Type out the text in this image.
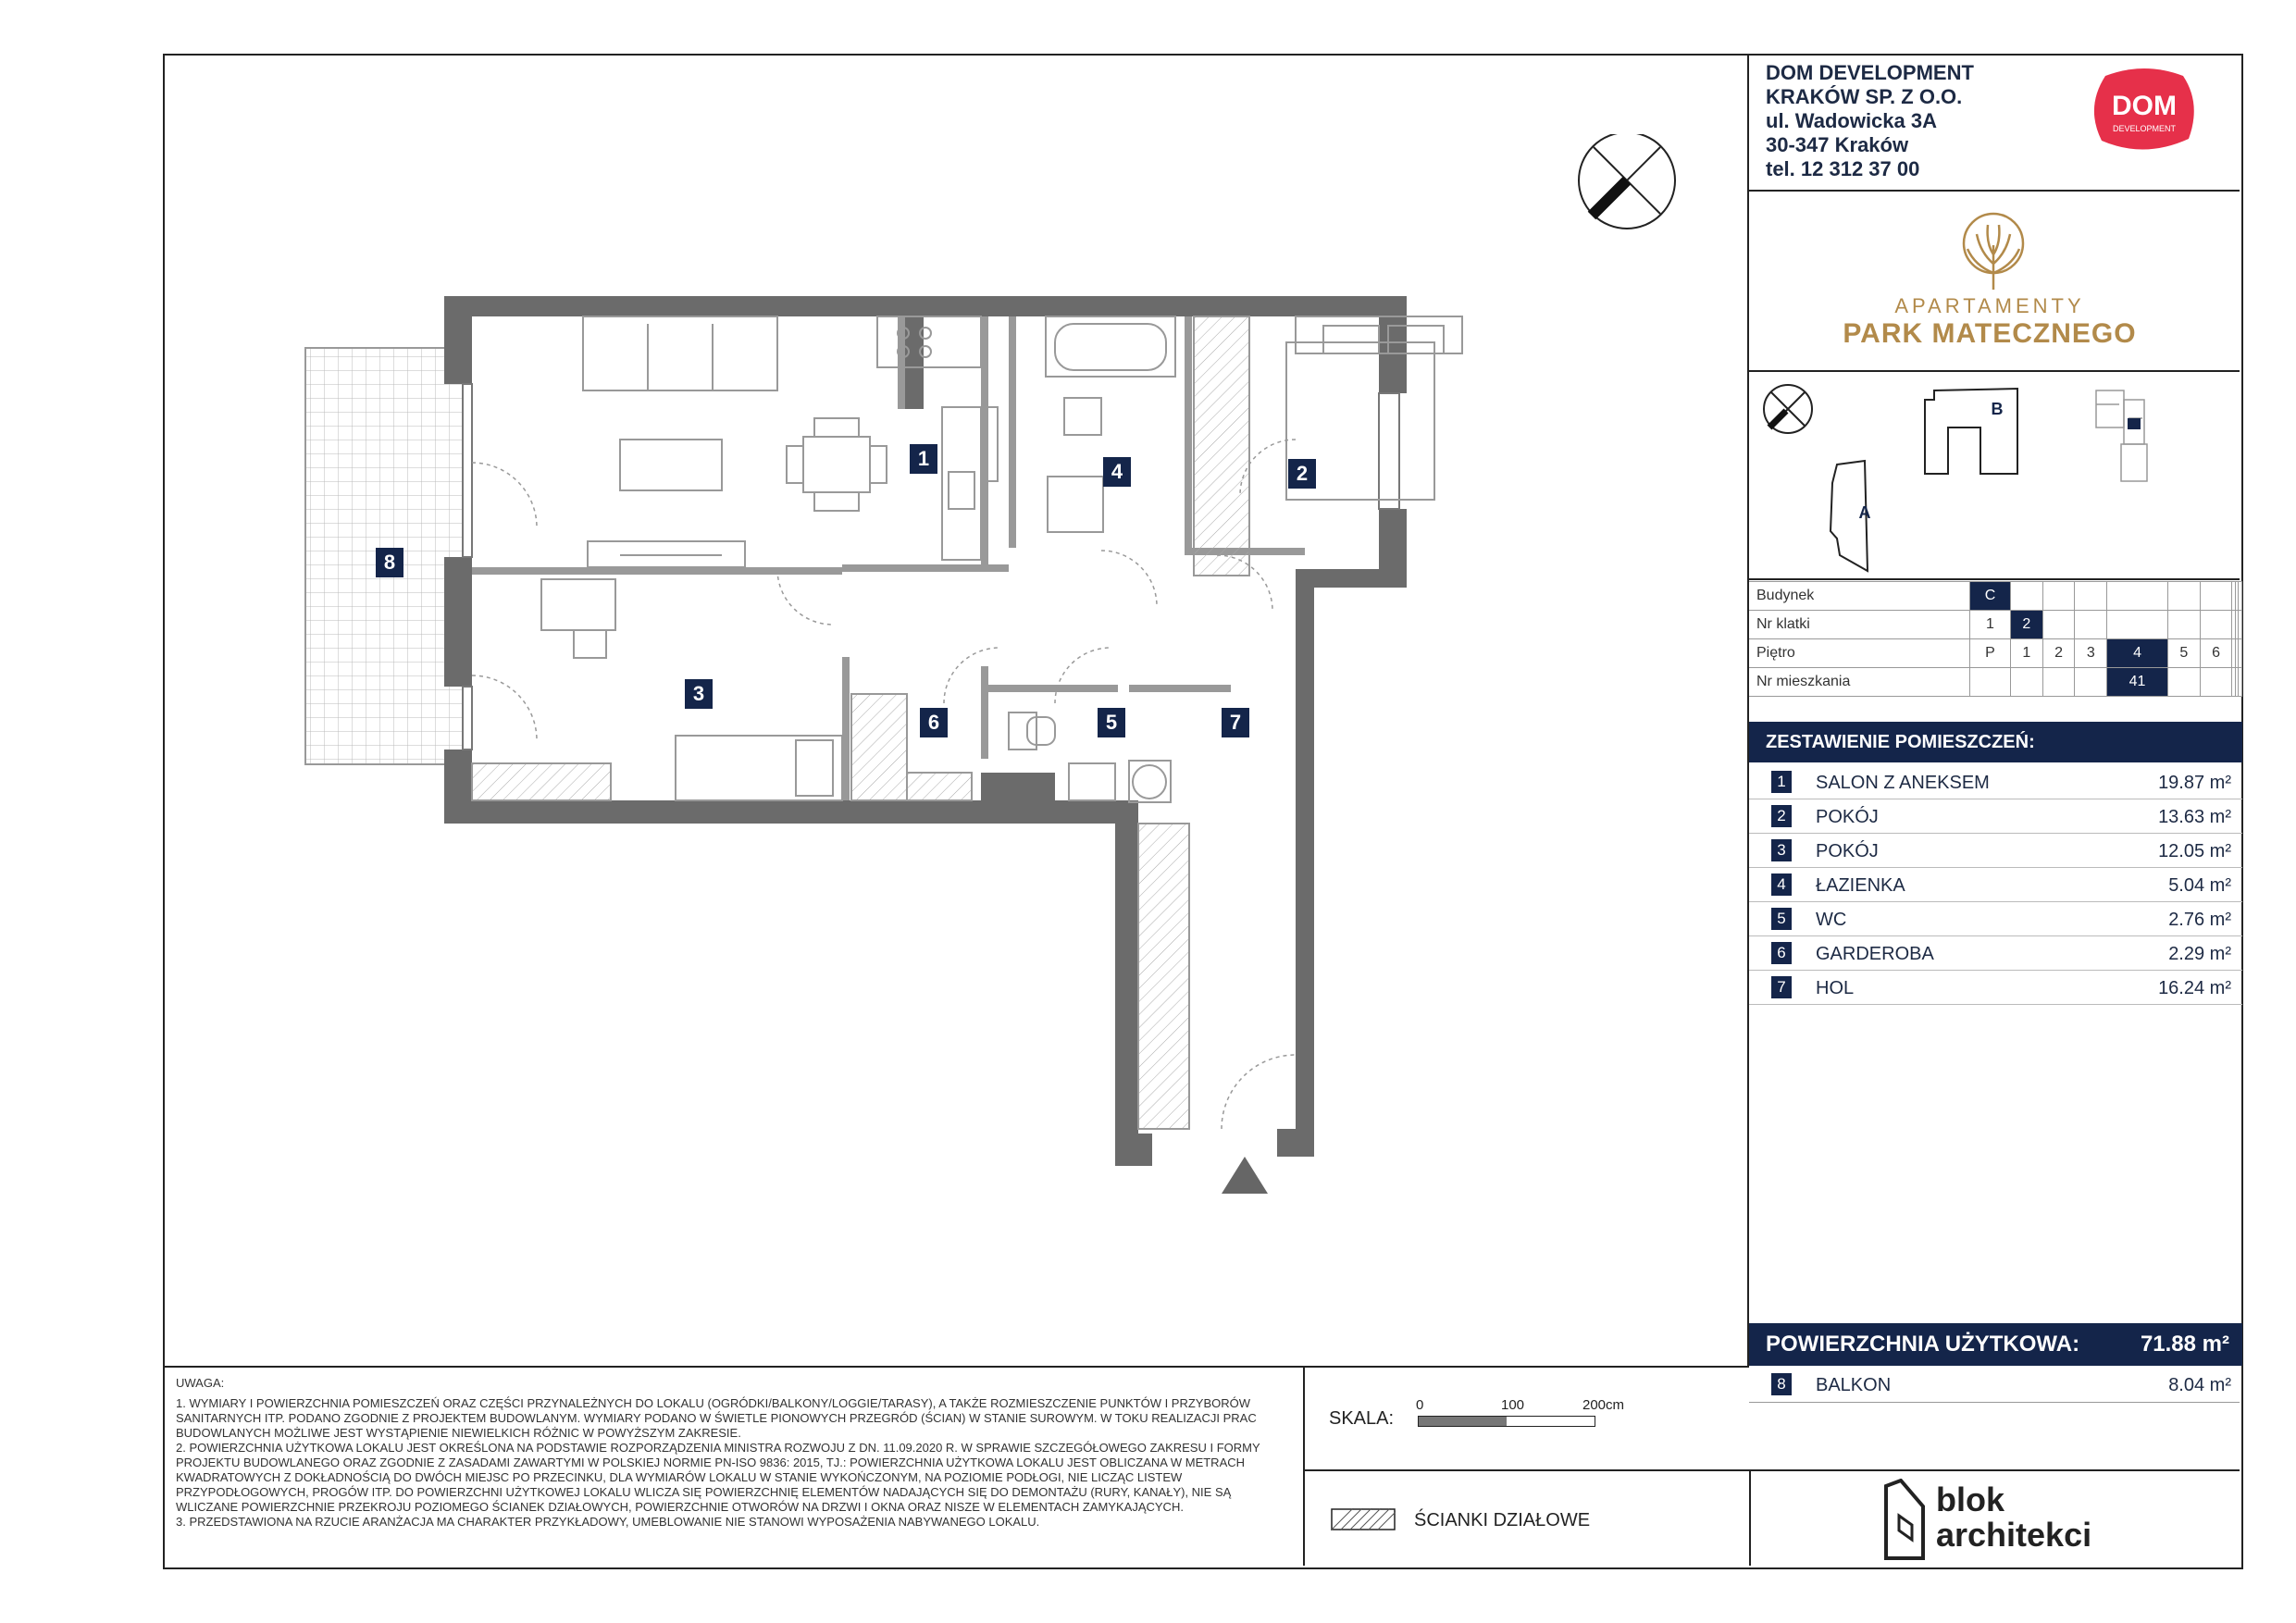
DOM DEVELOPMENT
KRAKÓW SP. Z O.O.
ul. Wadowicka 3A
30-347 Kraków
tel. 12 312 37 00
DOM
DEVELOPMENT
APARTAMENTY
PARK MATECZNEGO
B
A
Budynek	C									
Nr klatki	1	2								
Piętro	P	1	2	3	4	5	6			
Nr mieszkania					41					
ZESTAWIENIE POMIESZCZEŃ:
1	SALON Z ANEKSEM	19.87 m²
2	POKÓJ	13.63 m²
3	POKÓJ	12.05 m²
4	ŁAZIENKA	5.04 m²
5	WC	2.76 m²
6	GARDEROBA	2.29 m²
7	HOL	16.24 m²
POWIERZCHNIA UŻYTKOWA:	71.88 m²
8	BALKON	8.04 m²
blok
architekci
SKALA:
0	100	200cm
ŚCIANKI DZIAŁOWE

UWAGA:

1. WYMIARY I POWIERZCHNIA POMIESZCZEŃ ORAZ CZĘŚCI PRZYNALEŻNYCH DO LOKALU (OGRÓDKI/BALKONY/LOGGIE/TARASY), A TAKŻE ROZMIESZCZENIE PUNKTÓW I PRZYBORÓW SANITARNYCH ITP. PODANO ZGODNIE Z PROJEKTEM BUDOWLANYM. WYMIARY PODANO W ŚWIETLE PIONOWYCH PRZEGRÓD (ŚCIAN) W STANIE SUROWYM. W TOKU REALIZACJI PRAC BUDOWLANYCH MOŻLIWE JEST WYSTĄPIENIE NIEWIELKICH RÓŻNIC W POWYŻSZYM ZAKRESIE.

2. POWIERZCHNIA UŻYTKOWA LOKALU JEST OKREŚLONA NA PODSTAWIE ROZPORZĄDZENIA MINISTRA ROZWOJU Z DN. 11.09.2020 R. W SPRAWIE SZCZEGÓŁOWEGO ZAKRESU I FORMY PROJEKTU BUDOWLANEGO ORAZ ZGODNIE Z ZASADAMI ZAWARTYMI W POLSKIEJ NORMIE PN-ISO 9836: 2015, TJ.: POWIERZCHNIA UŻYTKOWA LOKALU JEST OBLICZANA W METRACH KWADRATOWYCH Z DOKŁADNOŚCIĄ DO DWÓCH MIEJSC PO PRZECINKU, DLA WYMIARÓW LOKALU W STANIE WYKOŃCZONYM, NA POZIOMIE PODŁOGI, NIE LICZĄC LISTEW PRZYPODŁOGOWYCH, PROGÓW ITP. DO POWIERZCHNI UŻYTKOWEJ LOKALU WLICZA SIĘ POWIERZCHNIĘ ELEMENTÓW NADAJĄCYCH SIĘ DO DEMONTAŻU (RURY, KANAŁY), NIE SĄ WLICZANE POWIERZCHNIE PRZEKROJU POZIOMEGO ŚCIANEK DZIAŁOWYCH, POWIERZCHNIE OTWORÓW NA DRZWI I OKNA ORAZ NISZE W ELEMENTACH ZAMYKAJĄCYCH.

3. PRZEDSTAWIONA NA RZUCIE ARANŻACJA MA CHARAKTER PRZYKŁADOWY, UMEBLOWANIE NIE STANOWI WYPOSAŻENIA NABYWANEGO LOKALU.

1
2
3
4
5
6	7
8
